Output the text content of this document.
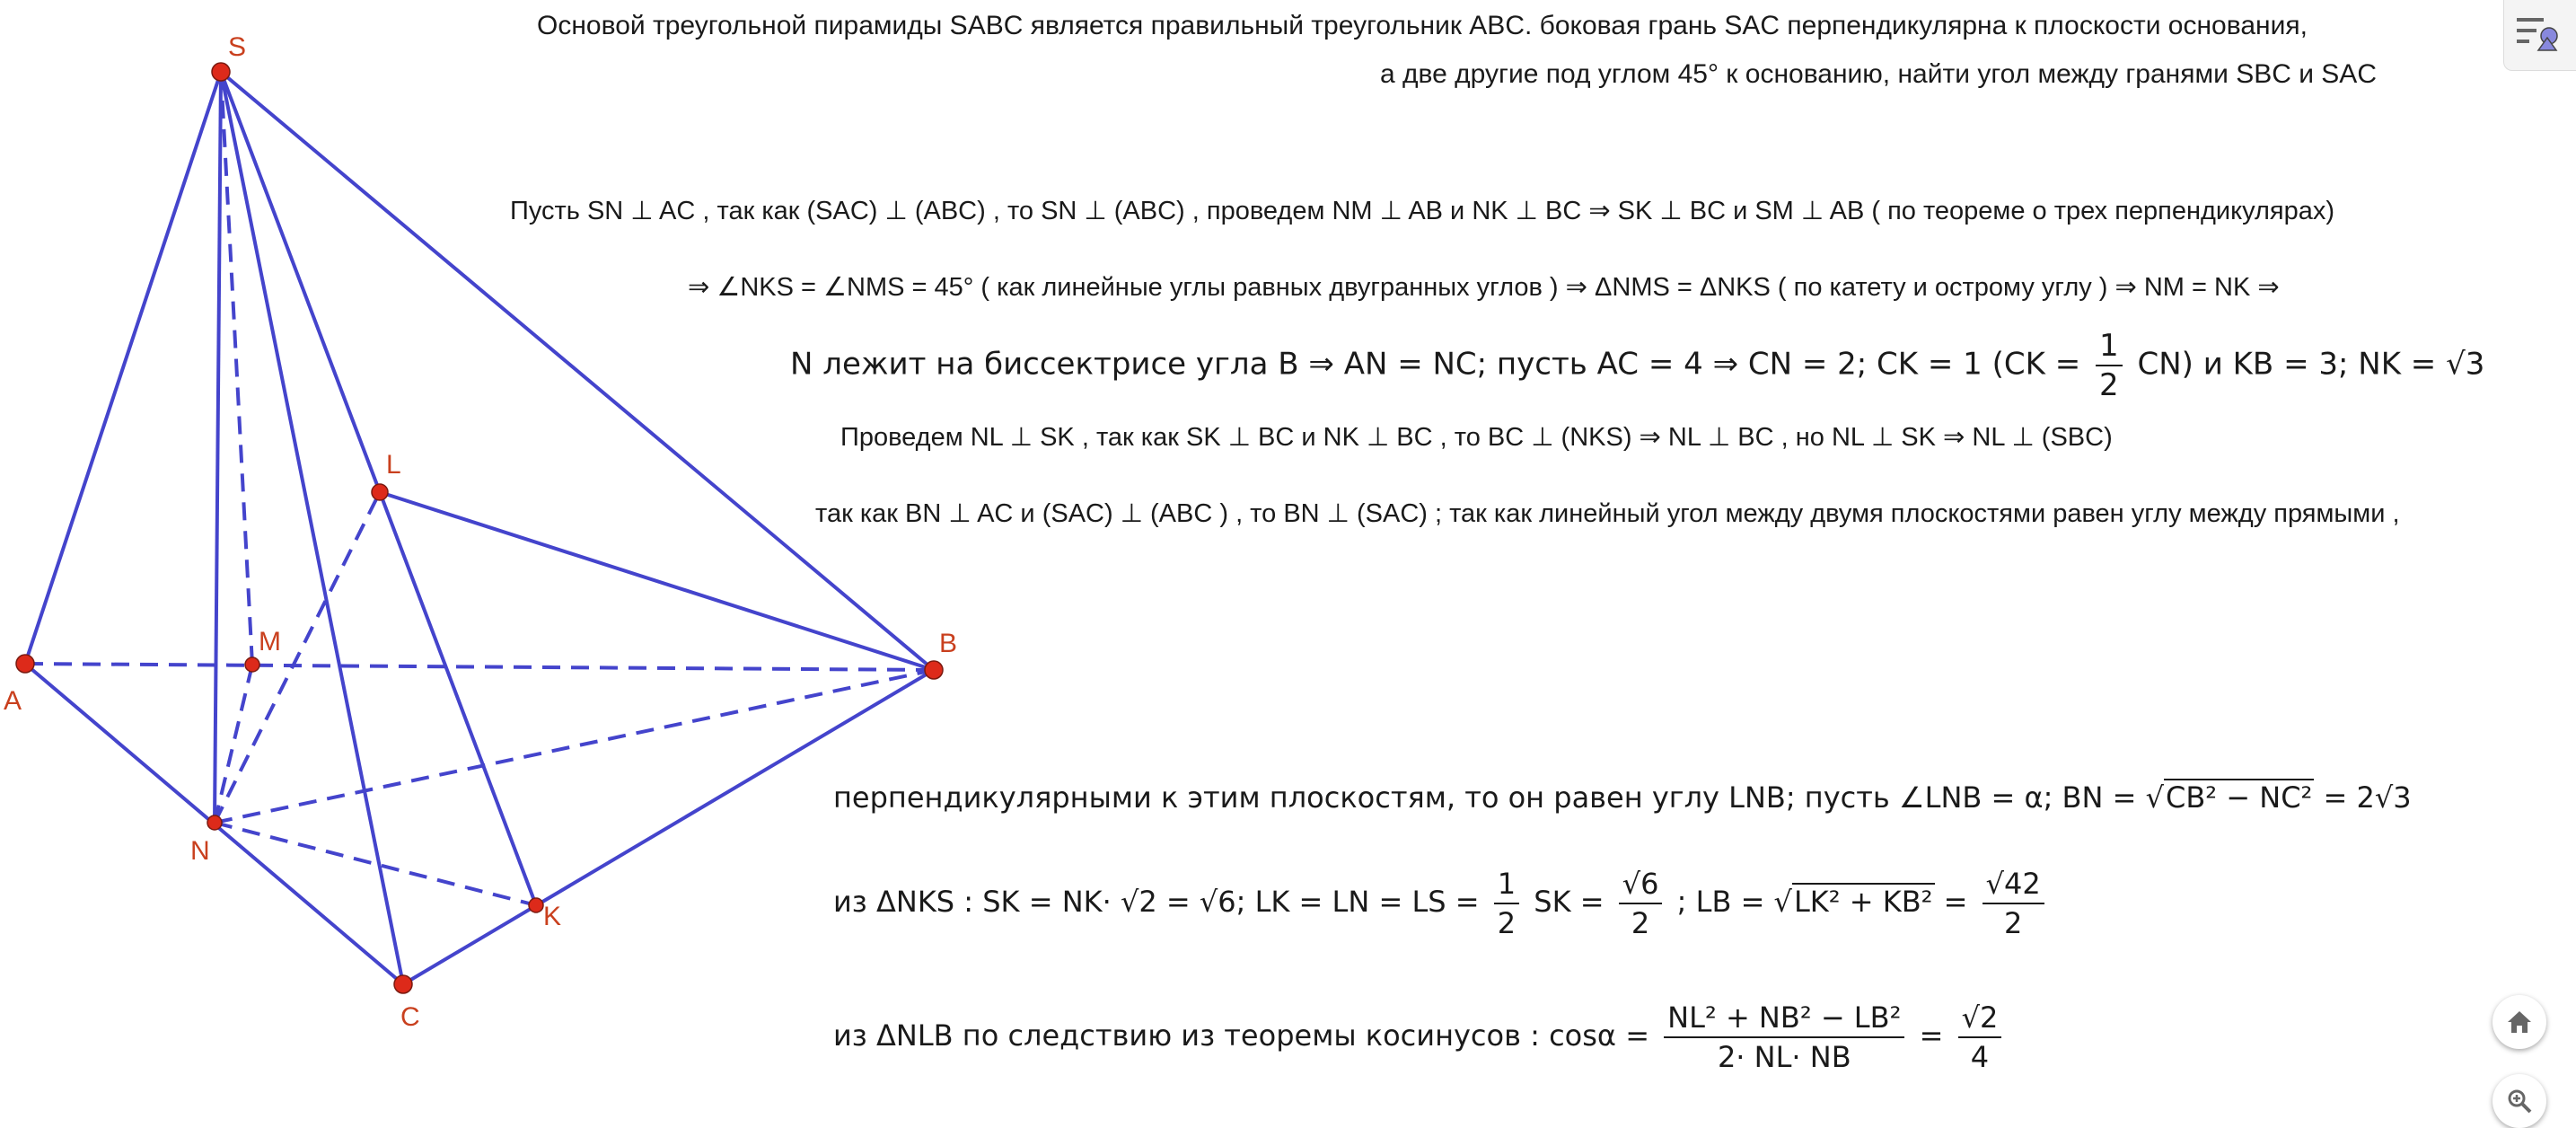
S
A
B
C
L
M
N
K
Основой треугольной пирамиды SABC является правильный треугольник ABC. боковая грань SAC перпендикулярна к плоскости основания,
а две другие под углом 45° к основанию, найти угол между гранями SBC и SAC
Пусть SN ⊥ AC , так как (SAC) ⊥ (ABC) , то SN ⊥ (ABC) , проведем NM ⊥ AB и NK ⊥ BC ⇒ SK ⊥ BC и SM ⊥ AB ( по теореме о трех перпендикулярах)
⇒ ∠NKS = ∠NMS = 45° ( как линейные углы равных двугранных углов ) ⇒ ΔNMS = ΔNKS ( по катету и острому углу ) ⇒ NM = NK ⇒
N лежит на биссектрисе угла B ⇒ AN = NC; пусть AC = 4 ⇒ CN = 2; CK = 1 $(CK = \frac{1}{2} CN)$ и KB = 3; NK = √3
Проведем NL ⊥ SK , так как SK ⊥ BC и NK ⊥ BC , то BC ⊥ (NKS) ⇒ NL ⊥ BC , но NL ⊥ SK ⇒ NL ⊥ (SBC)
так как BN ⊥ AC и (SAC) ⊥ (ABC ) , то BN ⊥ (SAC) ; так как линейный угол между двумя плоскостями равен углу между прямыми ,
перпендикулярными к этим плоскостям, то он равен углу LNB; пусть ∠LNB = α; BN = √CB² − NC² = 2√3
из ΔNKS : SK = NK· √2 = √6; LK = LN = LS = $\frac{1}{2}$ SK = $\frac{√6}{2}$ ; LB = $√LK^2 + KB^2 = \frac{√42}{2}$
из ΔNLB по следствию из теоремы косинусов : $\cos\alpha = \frac{\text{NL² + NB² − LB²}}{2\cdot NL\cdot NB} = \frac{√2}{4}$
